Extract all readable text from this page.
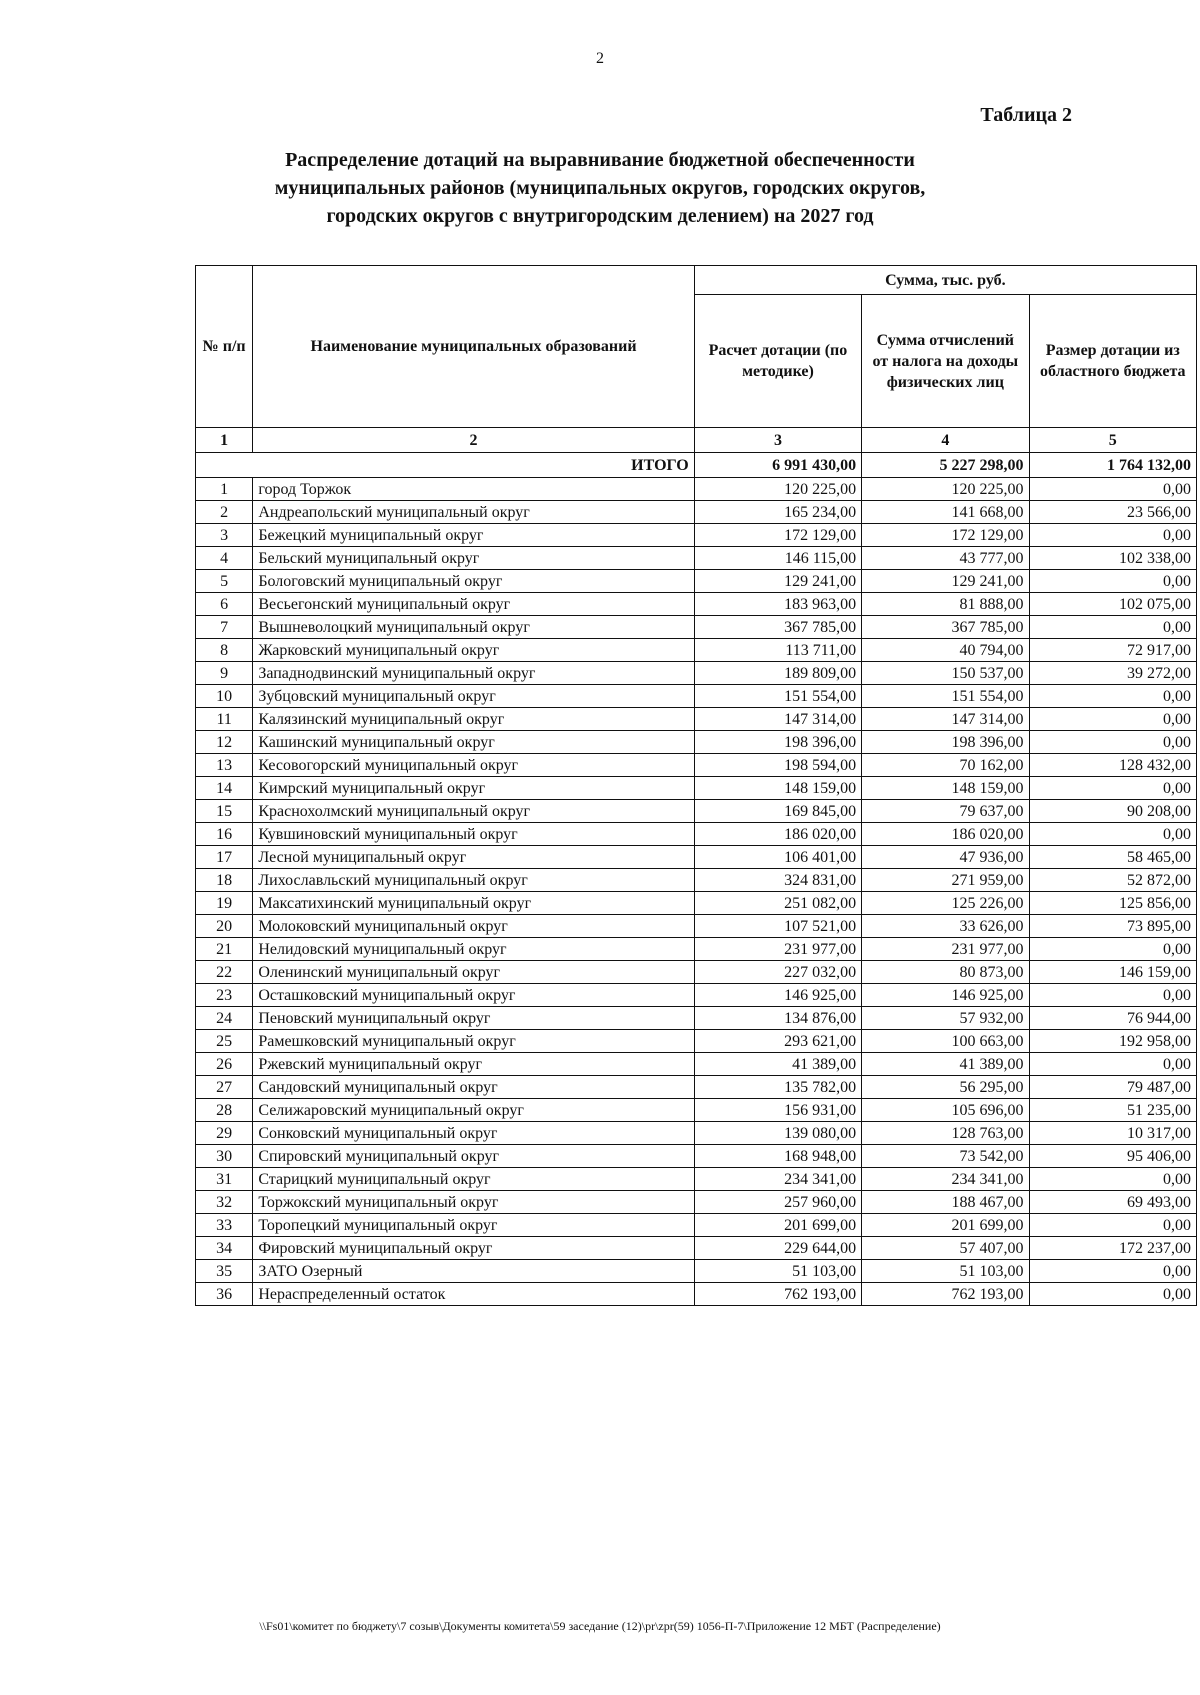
2
Таблица 2
Распределение дотаций на выравнивание бюджетной обеспеченности муниципальных районов (муниципальных округов, городских округов, городских округов с внутригородским делением) на 2027 год
№ п/п	Наименование муниципальных образований	Сумма, тыс. руб.		
		Расчет дотации (по методике)	Сумма отчислений от налога на доходы физических лиц	Размер дотации из областного бюджета
1	2	3	4	5
ИТОГО		6 991 430,00	5 227 298,00	1 764 132,00
1	город Торжок	120 225,00	120 225,00	0,00
2	Андреапольский муниципальный округ	165 234,00	141 668,00	23 566,00
3	Бежецкий муниципальный округ	172 129,00	172 129,00	0,00
4	Бельский муниципальный округ	146 115,00	43 777,00	102 338,00
5	Бологовский муниципальный округ	129 241,00	129 241,00	0,00
6	Весьегонский муниципальный округ	183 963,00	81 888,00	102 075,00
7	Вышневолоцкий муниципальный округ	367 785,00	367 785,00	0,00
8	Жарковский муниципальный округ	113 711,00	40 794,00	72 917,00
9	Западнодвинский муниципальный округ	189 809,00	150 537,00	39 272,00
10	Зубцовский муниципальный округ	151 554,00	151 554,00	0,00
11	Калязинский муниципальный округ	147 314,00	147 314,00	0,00
12	Кашинский муниципальный округ	198 396,00	198 396,00	0,00
13	Кесовогорский муниципальный округ	198 594,00	70 162,00	128 432,00
14	Кимрский муниципальный округ	148 159,00	148 159,00	0,00
15	Краснохолмский муниципальный округ	169 845,00	79 637,00	90 208,00
16	Кувшиновский муниципальный округ	186 020,00	186 020,00	0,00
17	Лесной муниципальный округ	106 401,00	47 936,00	58 465,00
18	Лихославльский муниципальный округ	324 831,00	271 959,00	52 872,00
19	Максатихинский муниципальный округ	251 082,00	125 226,00	125 856,00
20	Молоковский муниципальный округ	107 521,00	33 626,00	73 895,00
21	Нелидовский муниципальный округ	231 977,00	231 977,00	0,00
22	Оленинский муниципальный округ	227 032,00	80 873,00	146 159,00
23	Осташковский муниципальный округ	146 925,00	146 925,00	0,00
24	Пеновский муниципальный округ	134 876,00	57 932,00	76 944,00
25	Рамешковский муниципальный округ	293 621,00	100 663,00	192 958,00
26	Ржевский муниципальный округ	41 389,00	41 389,00	0,00
27	Сандовский муниципальный округ	135 782,00	56 295,00	79 487,00
28	Селижаровский муниципальный округ	156 931,00	105 696,00	51 235,00
29	Сонковский муниципальный округ	139 080,00	128 763,00	10 317,00
30	Спировский муниципальный округ	168 948,00	73 542,00	95 406,00
31	Старицкий муниципальный округ	234 341,00	234 341,00	0,00
32	Торжокский муниципальный округ	257 960,00	188 467,00	69 493,00
33	Торопецкий муниципальный округ	201 699,00	201 699,00	0,00
34	Фировский муниципальный округ	229 644,00	57 407,00	172 237,00
35	ЗАТО Озерный	51 103,00	51 103,00	0,00
36	Нераспределенный остаток	762 193,00	762 193,00	0,00
\\Fs01\комитет по бюджету\7 созыв\Документы комитета\59 заседание (12)\pr\zpr(59) 1056-П-7\Приложение 12 МБТ (Распределение)
